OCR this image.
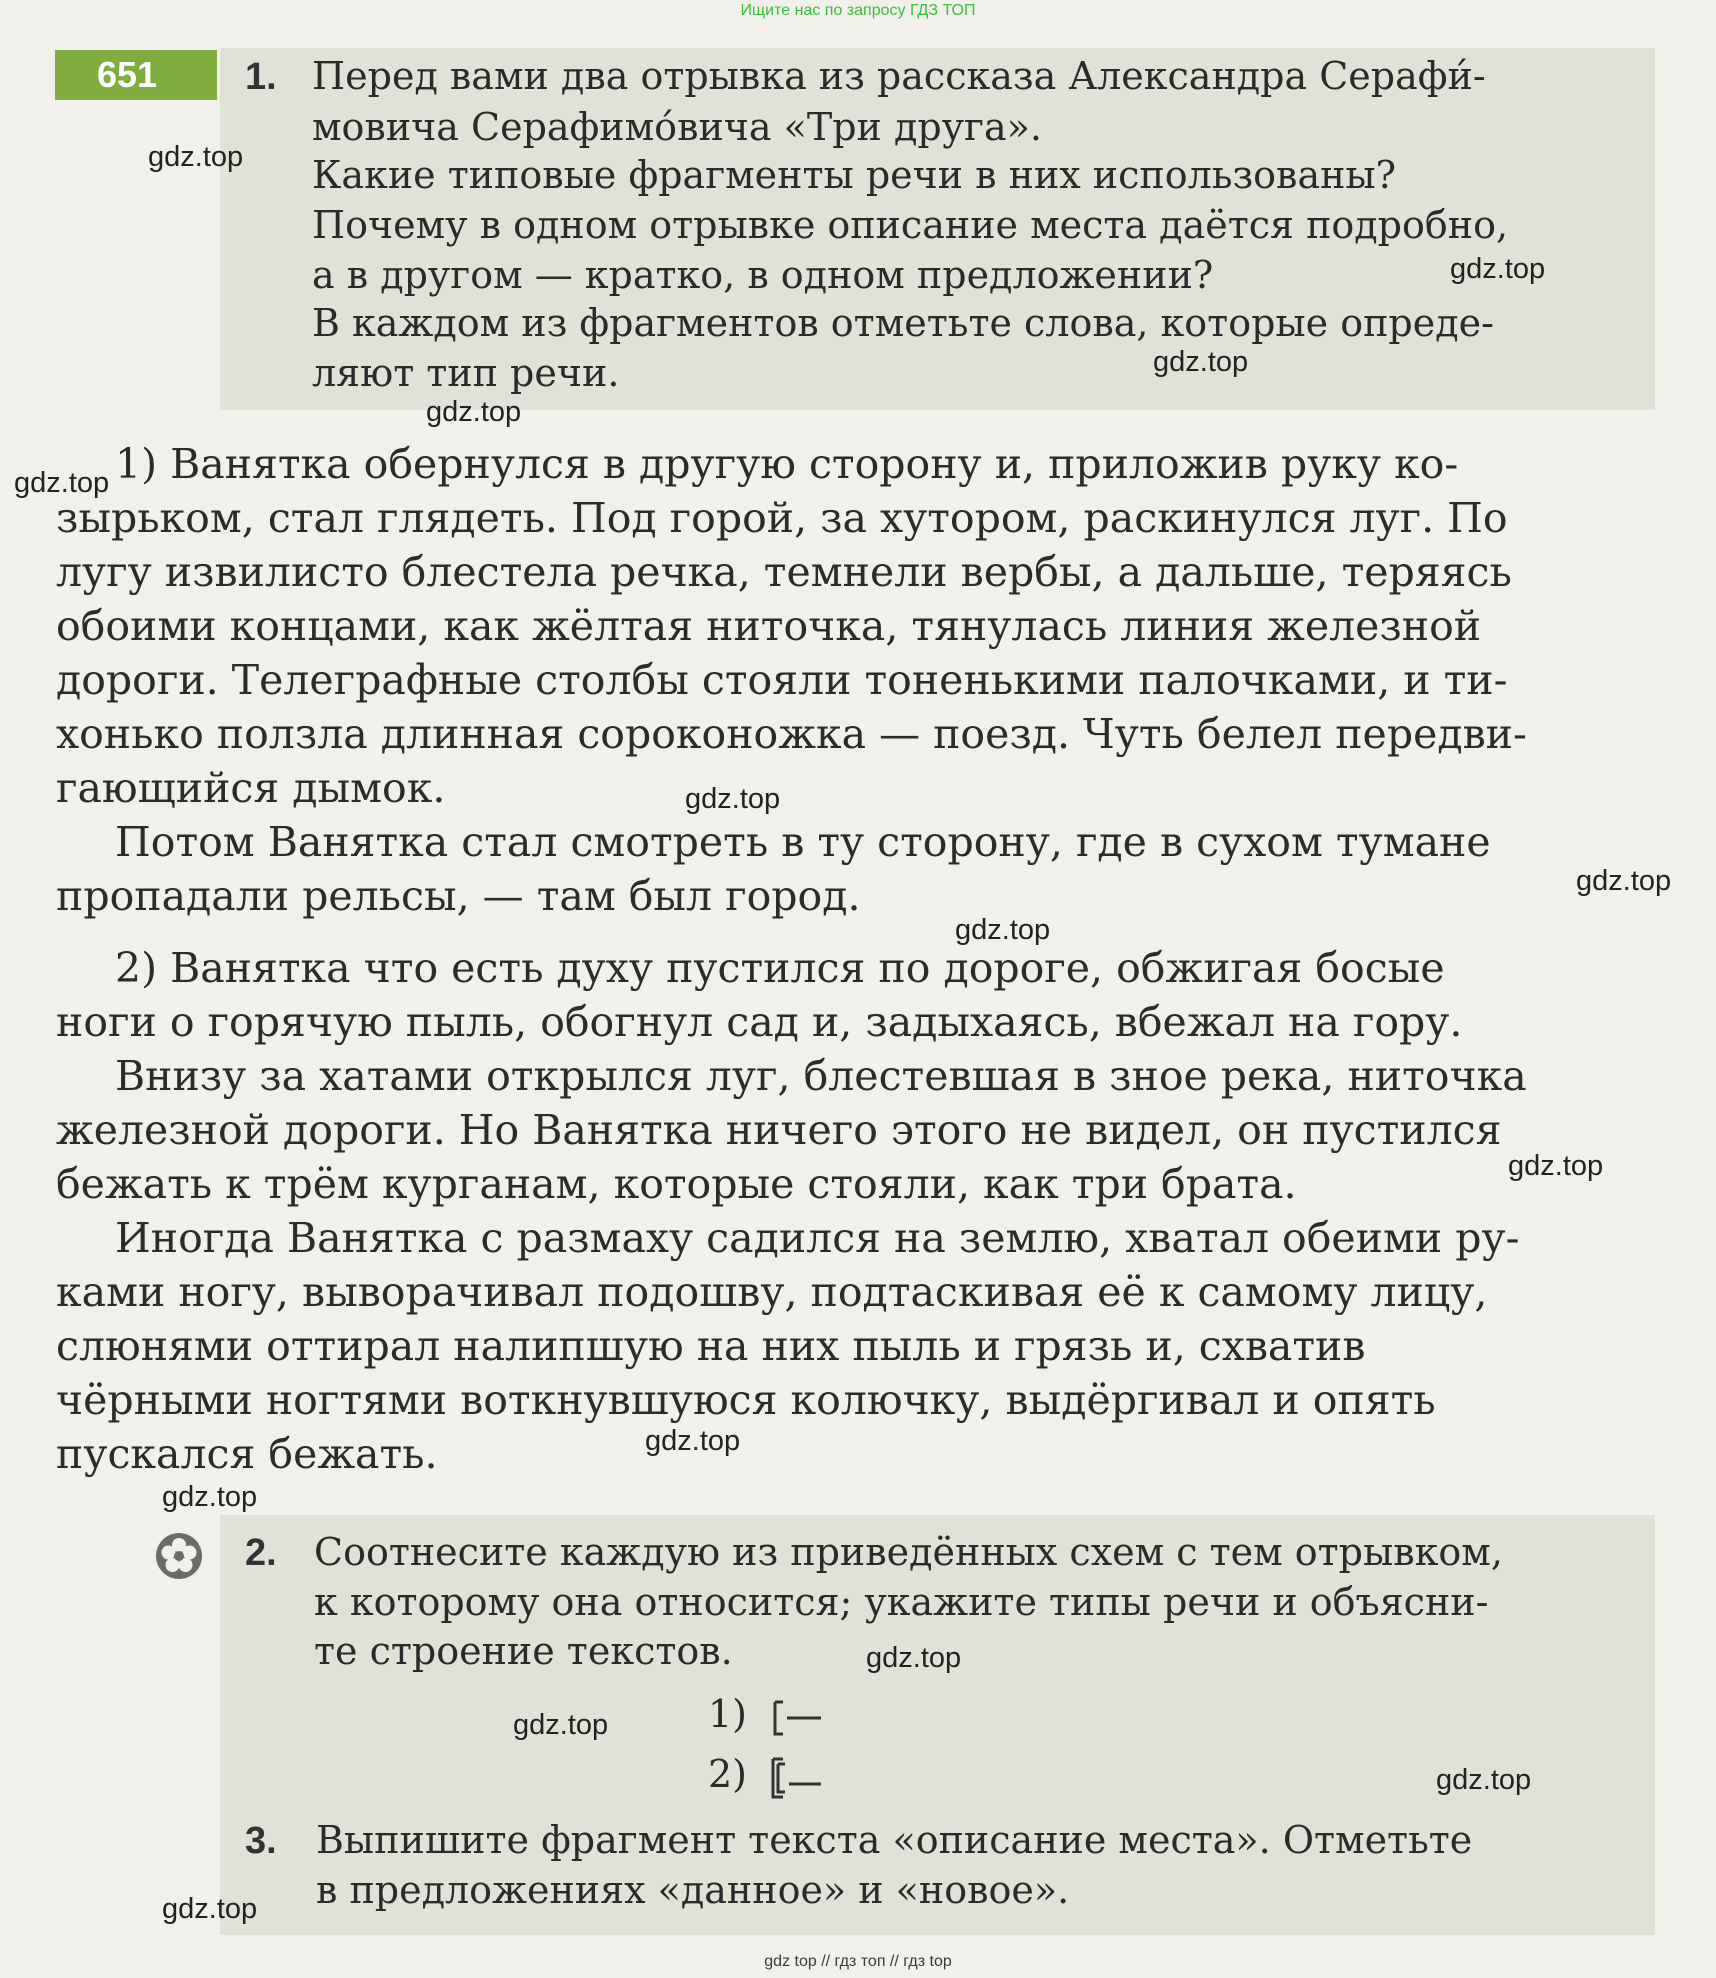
Ищите нас по запросу ГДЗ ТОП
651	1. Перед вами два отрывка из рассказа Александра Серафи́-
мовича Серафимо́вича «Три друга».
Какие типовые фрагменты речи в них использованы?
Почему в одном отрывке описание места даётся подробно,
а в другом — кратко, в одном предложении?
В каждом из фрагментов отметьте слова, которые опреде-
ляют тип речи.
1) Ванятка обернулся в другую сторону и, приложив руку ко-
зырьком, стал глядеть. Под горой, за хутором, раскинулся луг. По
лугу извилисто блестела речка, темнели вербы, а дальше, теряясь
обоими концами, как жёлтая ниточка, тянулась линия железной
дороги. Телеграфные столбы стояли тоненькими палочками, и ти-
хонько ползла длинная сороконожка — поезд. Чуть белел передви-
гающийся дымок.
Потом Ванятка стал смотреть в ту сторону, где в сухом тумане
пропадали рельсы, — там был город.
2) Ванятка что есть духу пустился по дороге, обжигая босые
ноги о горячую пыль, обогнул сад и, задыхаясь, вбежал на гору.
Внизу за хатами открылся луг, блестевшая в зное река, ниточка
железной дороги. Но Ванятка ничего этого не видел, он пустился
бежать к трём курганам, которые стояли, как три брата.
Иногда Ванятка с размаху садился на землю, хватал обеими ру-
ками ногу, выворачивал подошву, подтаскивая её к самому лицу,
слюнями оттирал налипшую на них пыль и грязь и, схватив
чёрными ногтями воткнувшуюся колючку, выдёргивал и опять
пускался бежать.
2. Соотнесите каждую из приведённых схем с тем отрывком,
к которому она относится; укажите типы речи и объясни-
те строение текстов.
1)
2)
3. Выпишите фрагмент текста «описание места». Отметьте
в предложениях «данное» и «новое».
gdz.top
gdz.top
gdz.top
gdz.top
gdz.top
gdz.top
gdz.top
gdz.top
gdz.top
gdz.top
gdz.top
gdz.top
gdz.top
gdz.top
gdz.top
gdz top // гдз топ // гдз top
